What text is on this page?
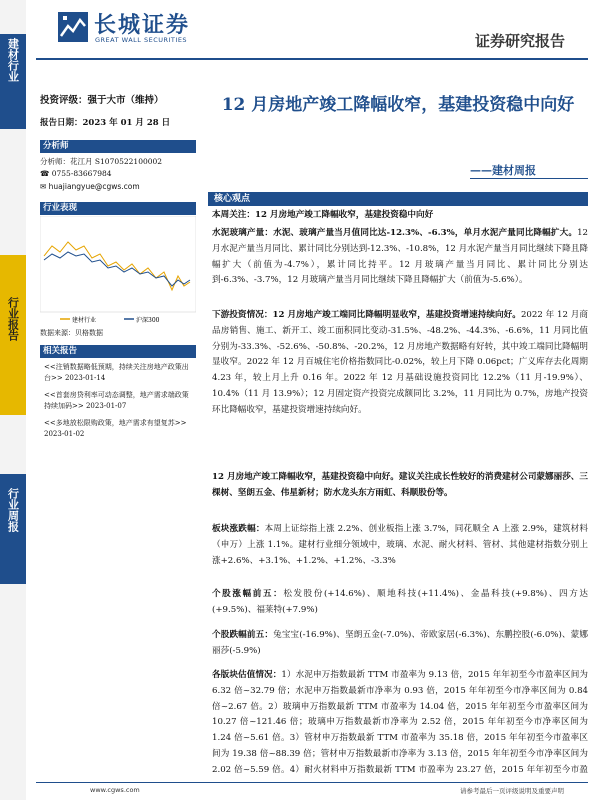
建材行业
行业报告
行业周报
长城证券
GREAT WALL SECURITIES	证券研究报告
投资评级：强于大市（维持）
报告日期：2023 年 01 月 28 日
分析师
分析师：花江月 S1070522100002
☎ 0755-83667984
✉ huajiangyue@cgws.com
行业表现
建材行业	沪深300
数据来源：贝格数据
相关报告
<<注销数据略低预期，持续关注房地产政策出台>> 2023-01-14
<<首套房贷利率可动态调整，地产需求端政策持续加码>> 2023-01-07
<<多地放松限购政策，地产需求有望复苏>> 2023-01-02
12 月房地产竣工降幅收窄，基建投资稳中向好
——建材周报
核心观点
本周关注：12 月房地产竣工降幅收窄，基建投资稳中向好
水泥玻璃产量：水泥、玻璃产量当月值同比达-12.3%、-6.3%，单月水泥产量同比降幅扩大。12 月水泥产量当月同比、累计同比分别达到-12.3%、-10.8%，12 月水泥产量当月同比继续下降且降幅扩大（前值为-4.7%），累计同比持平。12 月玻璃产量当月同比、累计同比分别达到-6.3%、-3.7%，12 月玻璃产量当月同比继续下降且降幅扩大（前值为-5.6%）。
下游投资情况：12 月房地产竣工端同比降幅明显收窄，基建投资增速持续向好。2022 年 12 月商品房销售、施工、新开工、竣工面积同比变动-31.5%、-48.2%、-44.3%、-6.6%，11 月同比值分别为-33.3%、-52.6%、-50.8%、-20.2%，12 月房地产数据略有好转，其中竣工端同比降幅明显收窄。2022 年 12 月百城住宅价格指数同比-0.02%，较上月下降 0.06pct；广义库存去化周期 4.23 年，较上月上升 0.16 年。2022 年 12 月基础设施投资同比 12.2%（11 月-19.9%）、10.4%（11 月 13.9%）；12 月固定资产投资完成额同比 3.2%，11 月同比为 0.7%，房地产投资环比降幅收窄，基建投资增速持续向好。
12 月房地产竣工降幅收窄，基建投资稳中向好。建议关注成长性较好的消费建材公司蒙娜丽莎、三棵树、坚朗五金、伟星新材；防水龙头东方雨虹、科顺股份等。
板块涨跌幅：本周上证综指上涨 2.2%、创业板指上涨 3.7%，同花顺全 A 上涨 2.9%，建筑材料（申万）上涨 1.1%。建材行业细分领域中，玻璃、水泥、耐火材料、管材、其他建材指数分别上涨+2.6%、+3.1%、+1.2%、+1.2%、-3.3%
个股涨幅前五：松发股份(+14.6%)、顺地科技(+11.4%)、金晶科技(+9.8%)、四方达(+9.5%)、福莱特(+7.9%)
个股跌幅前五：兔宝宝(-16.9%)、坚朗五金(-7.0%)、帝欧家居(-6.3%)、东鹏控股(-6.0%)、蒙娜丽莎(-5.9%)
各版块估值情况：1）水泥申万指数最新 TTM 市盈率为 9.13 倍，2015 年年初至今市盈率区间为 6.32 倍~32.79 倍；水泥申万指数最新市净率为 0.93 倍，2015 年年初至今市净率区间为 0.84 倍~2.67 倍。2）玻璃申万指数最新 TTM 市盈率为 14.04 倍，2015 年年初至今市盈率区间为 10.27 倍~121.46 倍；玻璃申万指数最新市净率为 2.52 倍，2015 年年初至今市净率区间为 1.24 倍~5.61 倍。3）管材申万指数最新 TTM 市盈率为 35.18 倍，2015 年年初至今市盈率区间为 19.38 倍~88.39 倍；管材申万指数最新市净率为 3.13 倍，2015 年年初至今市净率区间为 2.02 倍~5.59 倍。4）耐火材料申万指数最新 TTM 市盈率为 23.27 倍，2015 年年初至今市盈
www.cgws.com	请参考最后一页评级说明及重要声明
